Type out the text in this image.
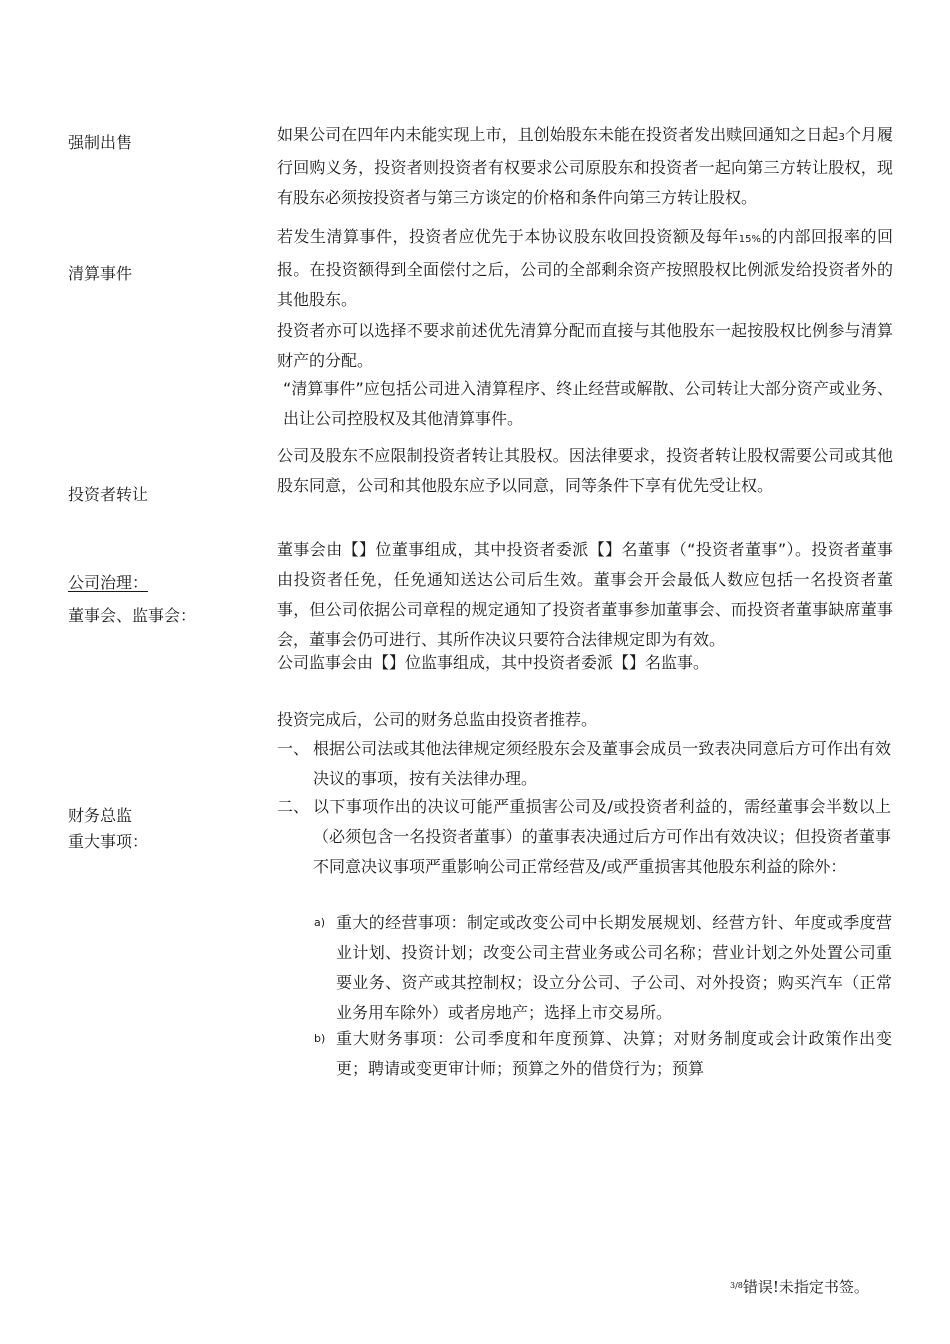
强制出售
清算事件
投资者转让
公司治理：
董事会、监事会：
财务总监
重大事项：
如果公司在四年内未能实现上市，且创始股东未能在投资者发出赎回通知之日起3个月履行回购义务，投资者则投资者有权要求公司原股东和投资者一起向第三方转让股权，现有股东必须按投资者与第三方谈定的价格和条件向第三方转让股权。
若发生清算事件，投资者应优先于本协议股东收回投资额及每年15%的内部回报率的回报。在投资额得到全面偿付之后，公司的全部剩余资产按照股权比例派发给投资者外的其他股东。
投资者亦可以选择不要求前述优先清算分配而直接与其他股东一起按股权比例参与清算财产的分配。
“清算事件”应包括公司进入清算程序、终止经营或解散、公司转让大部分资产或业务、出让公司控股权及其他清算事件。
公司及股东不应限制投资者转让其股权。因法律要求，投资者转让股权需要公司或其他股东同意，公司和其他股东应予以同意，同等条件下享有优先受让权。
董事会由【】位董事组成，其中投资者委派【】名董事（“投资者董事”）。投资者董事由投资者任免，任免通知送达公司后生效。董事会开会最低人数应包括一名投资者董事，但公司依据公司章程的规定通知了投资者董事参加董事会、而投资者董事缺席董事会，董事会仍可进行、其所作决议只要符合法律规定即为有效。
公司监事会由【】位监事组成，其中投资者委派【】名监事。
投资完成后，公司的财务总监由投资者推荐。
一、 根据公司法或其他法律规定须经股东会及董事会成员一致表决同意后方可作出有效决议的事项，按有关法律办理。
二、 以下事项作出的决议可能严重损害公司及/或投资者利益的，需经董事会半数以上（必须包含一名投资者董事）的董事表决通过后方可作出有效决议；但投资者董事不同意决议事项严重影响公司正常经营及/或严重损害其他股东利益的除外：
a) 重大的经营事项：制定或改变公司中长期发展规划、经营方针、年度或季度营业计划、投资计划；改变公司主营业务或公司名称；营业计划之外处置公司重要业务、资产或其控制权；设立分公司、子公司、对外投资；购买汽车（正常业务用车除外）或者房地产；选择上市交易所。
b) 重大财务事项：公司季度和年度预算、决算；对财务制度或会计政策作出变更；聘请或变更审计师；预算之外的借贷行为；预算
$^{3/8}$错误!未指定书签。
